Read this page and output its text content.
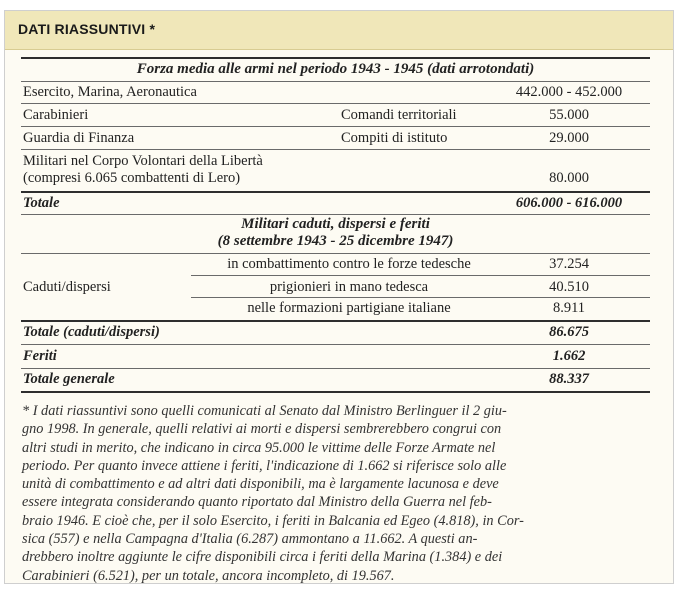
DATI RIASSUNTIVI *
Forza media alle armi nel periodo 1943 - 1945 (dati arrotondati)
Esercito, Marina, Aeronautica	442.000 - 452.000
Carabinieri	Comandi territoriali	55.000
Guardia di Finanza	Compiti di istituto	29.000
Militari nel Corpo Volontari della Libertà
(compresi 6.065 combattenti di Lero)	80.000
Totale	606.000 - 616.000
Militari caduti, dispersi e feriti
(8 settembre 1943 - 25 dicembre 1947)
Caduti/dispersi
in combattimento contro le forze tedesche	37.254
prigionieri in mano tedesca	40.510
nelle formazioni partigiane italiane	8.911
Totale (caduti/dispersi)	86.675
Feriti	1.662
Totale generale	88.337
* I dati riassuntivi sono quelli comunicati al Senato dal Ministro Berlinguer il 2 giu-
gno 1998. In generale, quelli relativi ai morti e dispersi sembrerebbero congrui con
altri studi in merito, che indicano in circa 95.000 le vittime delle Forze Armate nel
periodo. Per quanto invece attiene i feriti, l'indicazione di 1.662 si riferisce solo alle
unità di combattimento e ad altri dati disponibili, ma è largamente lacunosa e deve
essere integrata considerando quanto riportato dal Ministro della Guerra nel feb-
braio 1946. E cioè che, per il solo Esercito, i feriti in Balcania ed Egeo (4.818), in Cor-
sica (557) e nella Campagna d'Italia (6.287) ammontano a 11.662. A questi an-
drebbero inoltre aggiunte le cifre disponibili circa i feriti della Marina (1.384) e dei
Carabinieri (6.521), per un totale, ancora incompleto, di 19.567.
